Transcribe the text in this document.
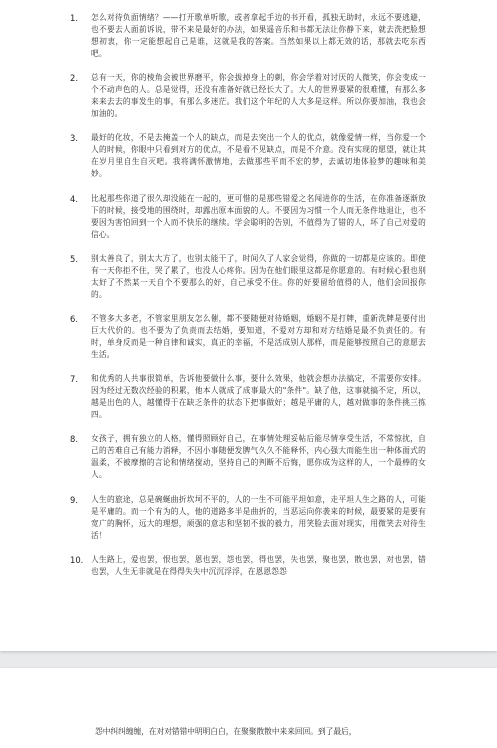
1.	怎么对待负面情绪？——打开歌单听歌，或者拿起手边的书开看，孤独无助时，永远不要逃避，也不要去人面前诉说，带不来是最好的办法，如果遥音乐和书都无法让你静下来，就去洗把脸想想初衷，你一定能想起自己是谁，这就是我的答案。当然如果以上都无效的话，那就去吃东西吧。
2.	总有一天，你的棱角会被世界磨平，你会拔掉身上的刺，你会学着对讨厌的人微笑，你会变成一个不动声色的人。总是觉得，还没有准备好就已经长大了。大人的世界要紧的很难懂，有那么多来来去去的事发生的事，有那么多迷茫。我们这个年纪的人大多是这样。所以你要加油，我也会加油的。
3.	最好的化妆，不是去掩盖一个人的缺点，而是去突出一个人的优点，就像爱情一样，当你爱一个人的时候，你眼中只看到对方的优点，不是看不见缺点，而是不介意。没有实现的愿望，就让其在岁月里自生自灭吧。我将满怀激情地，去做那些平而不宏的梦，去诚切地体验梦的趣味和美妙。
4.	比起那些你道了很久却没能在一起的，更可惜的是那些错爱之名闯进你的生活，在你准备逐渐放下的时候，接受地的围绕时，却露出原本面貌的人。不要因为习惯一个人而无条件地退让，也不要因为害怕回到一个人而不快乐的继续。学会聪明的告别，不值得为了错的人，坏了自己对爱的信心。
5.	别太善良了，别太大方了，也别太能干了，时间久了人家会觉得，你做的一切都是应该的。即使有一天你拒不住，哭了累了，也没人心疼你。因为在他们眼里这都是你愿意的。有时候心狠也别太好了不然某一天自个不要那么的好，自己承受不住。你的好要留给值得的人，他们会回报你的。
6.	不管多大多老，不管家里朋友怎么催，都不要随便对待婚姻，婚姻不是打牌，重新洗牌是要付出巨大代价的。也不要为了负责而去结婚，要知道，不爱对方却和对方结婚是最不负责任的。有时，单身反而是一种自律和诚实，真正的幸福，不是活成别人那样，而是能够按照自己的意愿去生活。
7.	和优秀的人共事很简单，告诉他要做什么事，要什么效果，他就会想办法搞定，不需要你安排。因为经过无数次经验的积累，他本人就成了成事最大的"条件"。缺了他，这事就搞不定，所以，越是出色的人，越懂得于在缺乏条件的状态下把事做好；越是平庸的人，越对做事的条件挑三拣四。
8.	女孩子，拥有独立的人格，懂得照顾好自己，在事情处理妥帖后能尽情享受生活，不常惊扰，自己的苦难自己有能力消释，不因小事随便发脾气久久不能释怀，内心强大而能生出一种体面式的温柔，不被摩擦的言论和情绪搅动，坚持自己的判断不后悔，愿你成为这样的人，一个最棒的女人。
9.	人生的旅途，总是碗蜒曲折坎坷不平的，人的一生不可能平坦如意，走平坦人生之路的人，可能是平庸的。而一个有为的人，他的道路多半是曲折的，当恶运向你袭来的时候，最要紧的是要有宽广的胸怀，远大的理想，顽强的意志和坚韧不拔的毅力，用笑脸去面对现实，用微笑去对待生活！
10. 人生路上，爱也罢，恨也罢，恩也罢，怨也罢，得也罢，失也罢，聚也罢，散也罢，对也罢，错也罢，人生无非就是在得得失失中沉沉浮浮，在恩恩怨怨
怨中纠纠缠缠，在对对错错中明明白白，在聚聚散散中来来回回。到了最后，
